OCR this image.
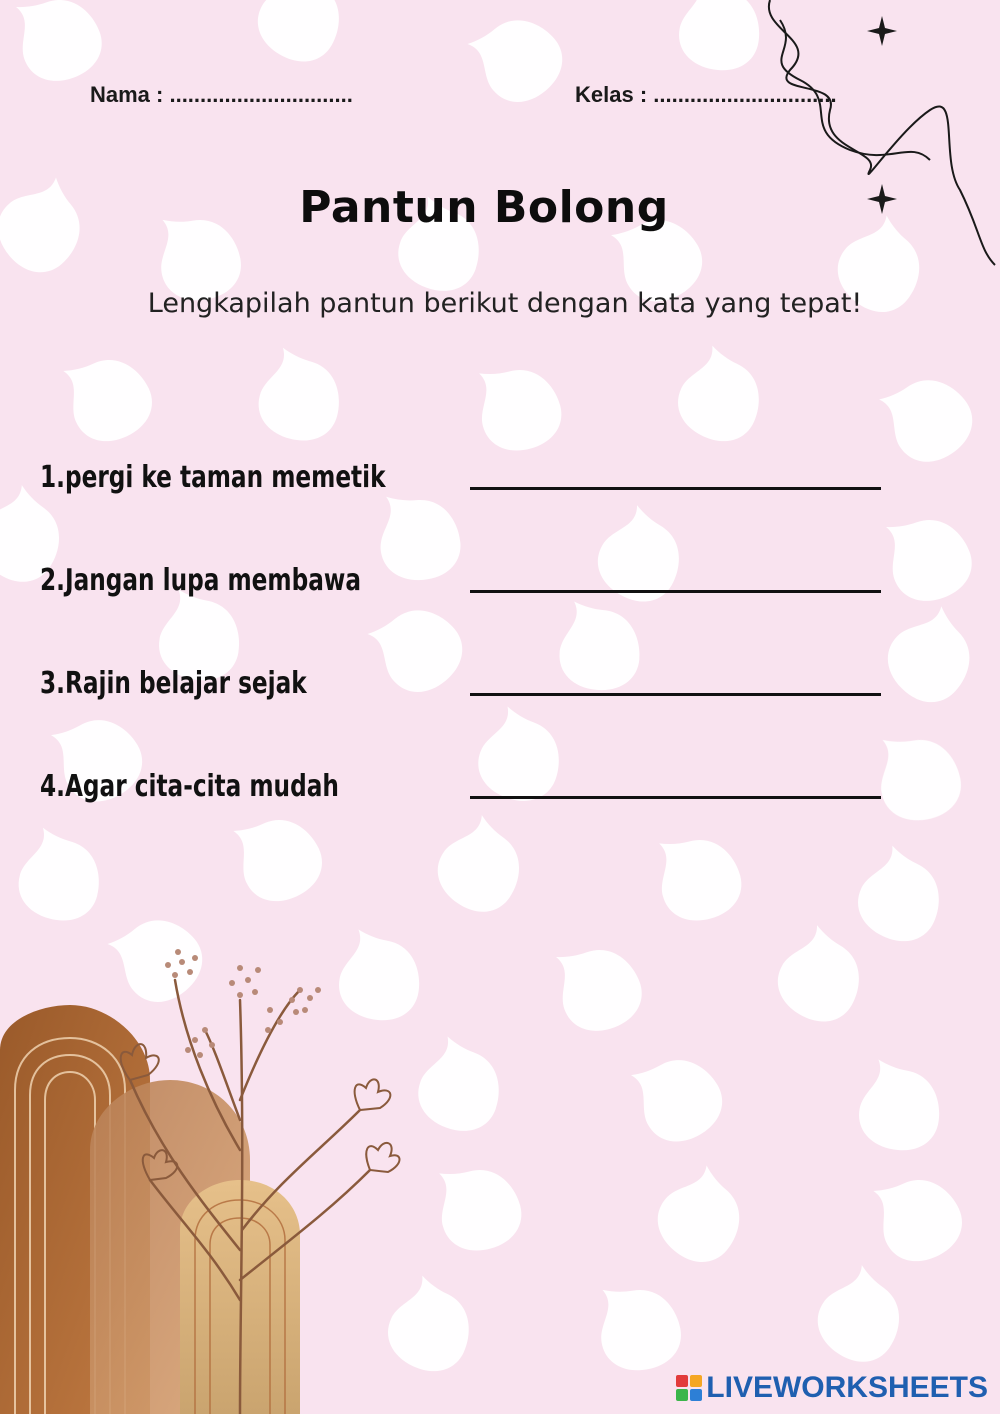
Nama : ..............................	Kelas : ..............................
Pantun Bolong
Lengkapilah pantun berikut dengan kata yang tepat!
1.pergi ke taman memetik
2.Jangan lupa membawa
3.Rajin belajar sejak
4.Agar cita-cita mudah
LIVEWORKSHEETS
